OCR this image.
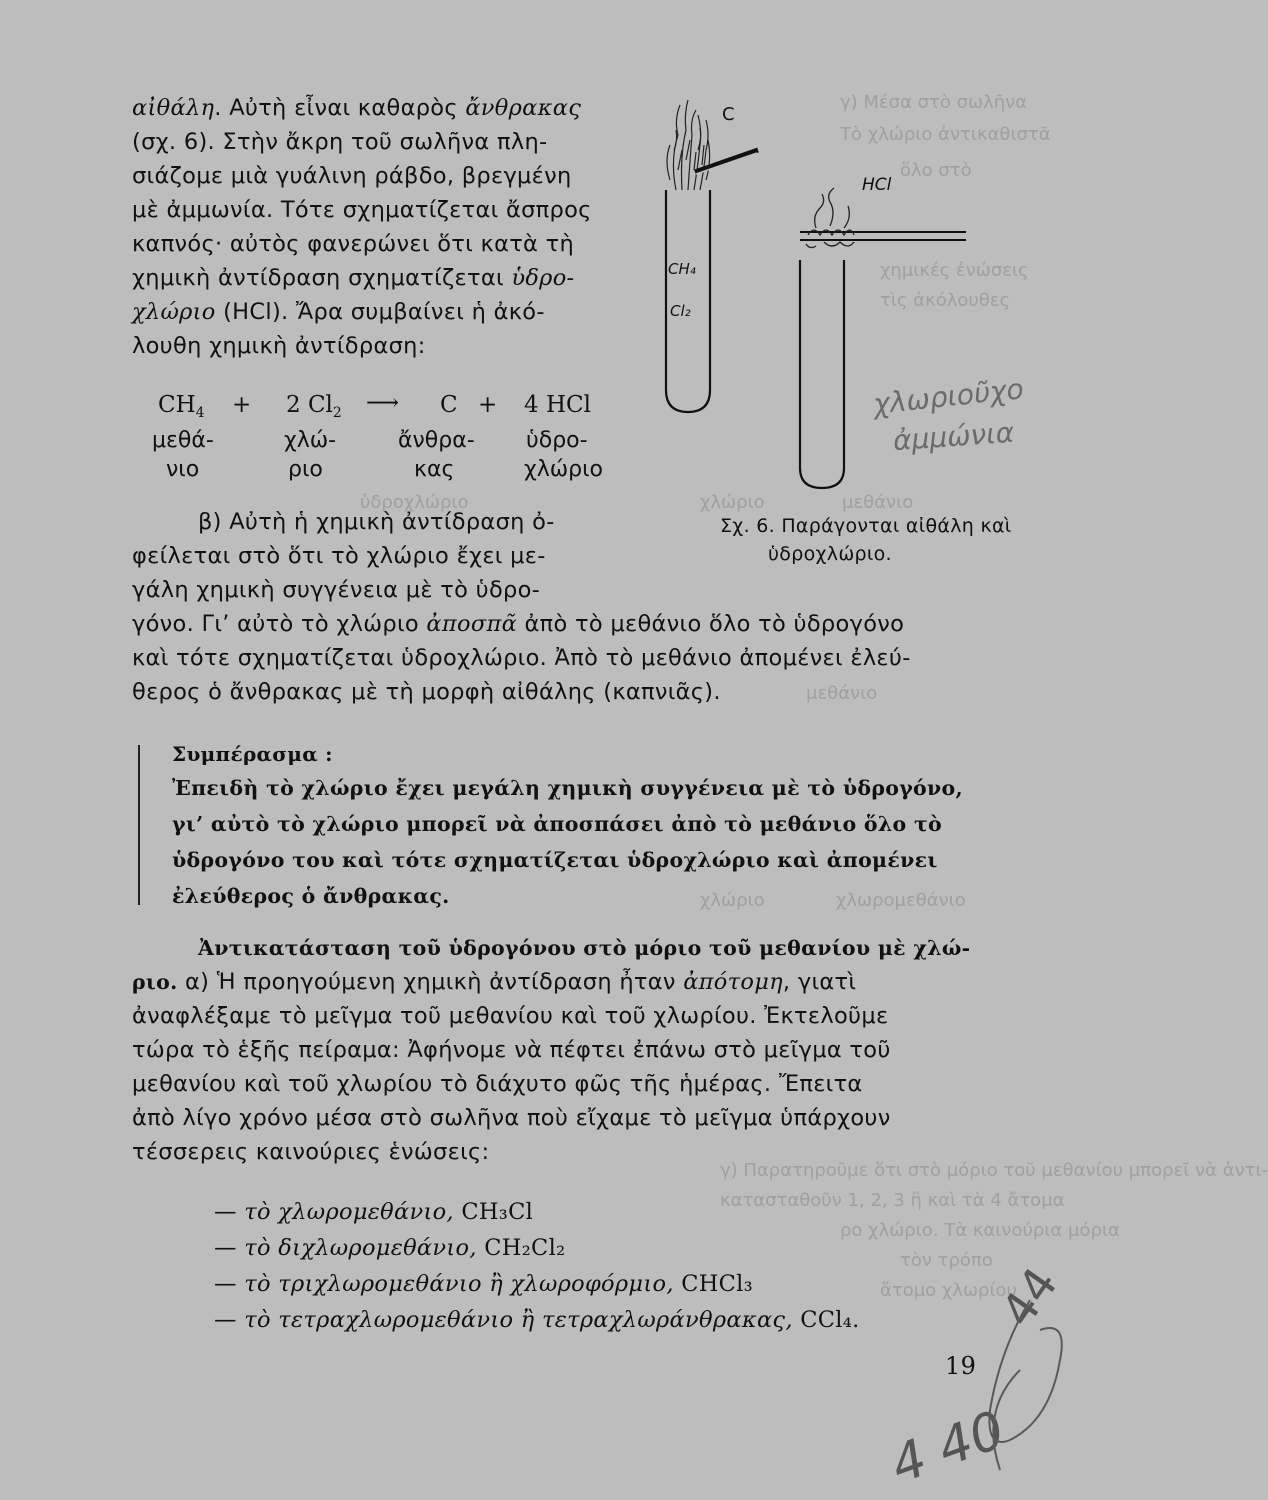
γ) Μέσα στὸ σωλῆνα
Τὸ χλώριο ἀντικαθιστᾶ
ὅλο στὸ
χημικές ἐνώσεις
τὶς ἀκόλουθες
χλώριο	μεθάνιο
ὑδροχλώριο
μεθάνιο
χλώριο	χλωρομεθάνιο
γ) Παρατηροῦμε ὅτι στὸ μόριο τοῦ μεθανίου μπορεῖ νὰ ἀντι-
κατασταθοῦν 1, 2, 3 ἢ καὶ τὰ 4 ἄτομα
ρο χλώριο. Τὰ καινούρια μόρια
τὸν τρόπο
ἄτομο χλωρίου
αἰθάλη. Αὐτὴ εἶναι καθαρὸς ἄνθρακας
(σχ. 6). Στὴν ἄκρη τοῦ σωλῆνα πλη-
σιάζομε μιὰ γυάλινη ράβδο, βρεγμένη
μὲ ἀμμωνία. Τότε σχηματίζεται ἄσπρος
καπνός· αὐτὸς φανερώνει ὅτι κατὰ τὴ
χημικὴ ἀντίδραση σχηματίζεται ὑδρο-
χλώριο (HCl). Ἄρα συμβαίνει ἡ ἀκό-
λουθη χημικὴ ἀντίδραση:
$CH_4 + 2$ $Cl_2$ ⟶ C + 4 HCl
μεθά-
νιο
χλώ-
ριο
ἄνθρα-
κας
ὑδρο-
χλώριο
C
CH₄
Cl₂
HCl
Σχ. 6. Παράγονται αἰθάλη καὶ
ὑδροχλώριο.
χλωριοῦχο
ἀμμώνια
β) Αὐτὴ ἡ χημικὴ ἀντίδραση ὀ-
φείλεται στὸ ὅτι τὸ χλώριο ἔχει με-
γάλη χημικὴ συγγένεια μὲ τὸ ὑδρο-
γόνο. Γι’ αὐτὸ τὸ χλώριο ἀποσπᾶ ἀπὸ τὸ μεθάνιο ὅλο τὸ ὑδρογόνο
καὶ τότε σχηματίζεται ὑδροχλώριο. Ἀπὸ τὸ μεθάνιο ἀπομένει ἐλεύ-
θερος ὁ ἄνθρακας μὲ τὴ μορφὴ αἰθάλης (καπνιᾶς).
Συμπέρασμα :
Ἐπειδὴ τὸ χλώριο ἔχει μεγάλη χημικὴ συγγένεια μὲ τὸ ὑδρογόνο,
γι’ αὐτὸ τὸ χλώριο μπορεῖ νὰ ἀποσπάσει ἀπὸ τὸ μεθάνιο ὅλο τὸ
ὑδρογόνο του καὶ τότε σχηματίζεται ὑδροχλώριο καὶ ἀπομένει
ἐλεύθερος ὁ ἄνθρακας.
Ἀντικατάσταση τοῦ ὑδρογόνου στὸ μόριο τοῦ μεθανίου μὲ χλώ-
ριο. α) Ἡ προηγούμενη χημικὴ ἀντίδραση ἦταν ἀπότομη, γιατὶ
ἀναφλέξαμε τὸ μεῖγμα τοῦ μεθανίου καὶ τοῦ χλωρίου. Ἐκτελοῦμε
τώρα τὸ ἑξῆς πείραμα: Ἀφήνομε νὰ πέφτει ἐπάνω στὸ μεῖγμα τοῦ
μεθανίου καὶ τοῦ χλωρίου τὸ διάχυτο φῶς τῆς ἡμέρας. Ἔπειτα
ἀπὸ λίγο χρόνο μέσα στὸ σωλῆνα ποὺ εἴχαμε τὸ μεῖγμα ὑπάρχουν
τέσσερεις καινούριες ἑνώσεις:
— τὸ χλωρομεθάνιο, CH₃Cl
— τὸ διχλωρομεθάνιο, CH₂Cl₂
— τὸ τριχλωρομεθάνιο ἢ χλωροφόρμιο, CHCl₃
— τὸ τετραχλωρομεθάνιο ἢ τετραχλωράνθρακας, CCl₄.
19
44
4 40
